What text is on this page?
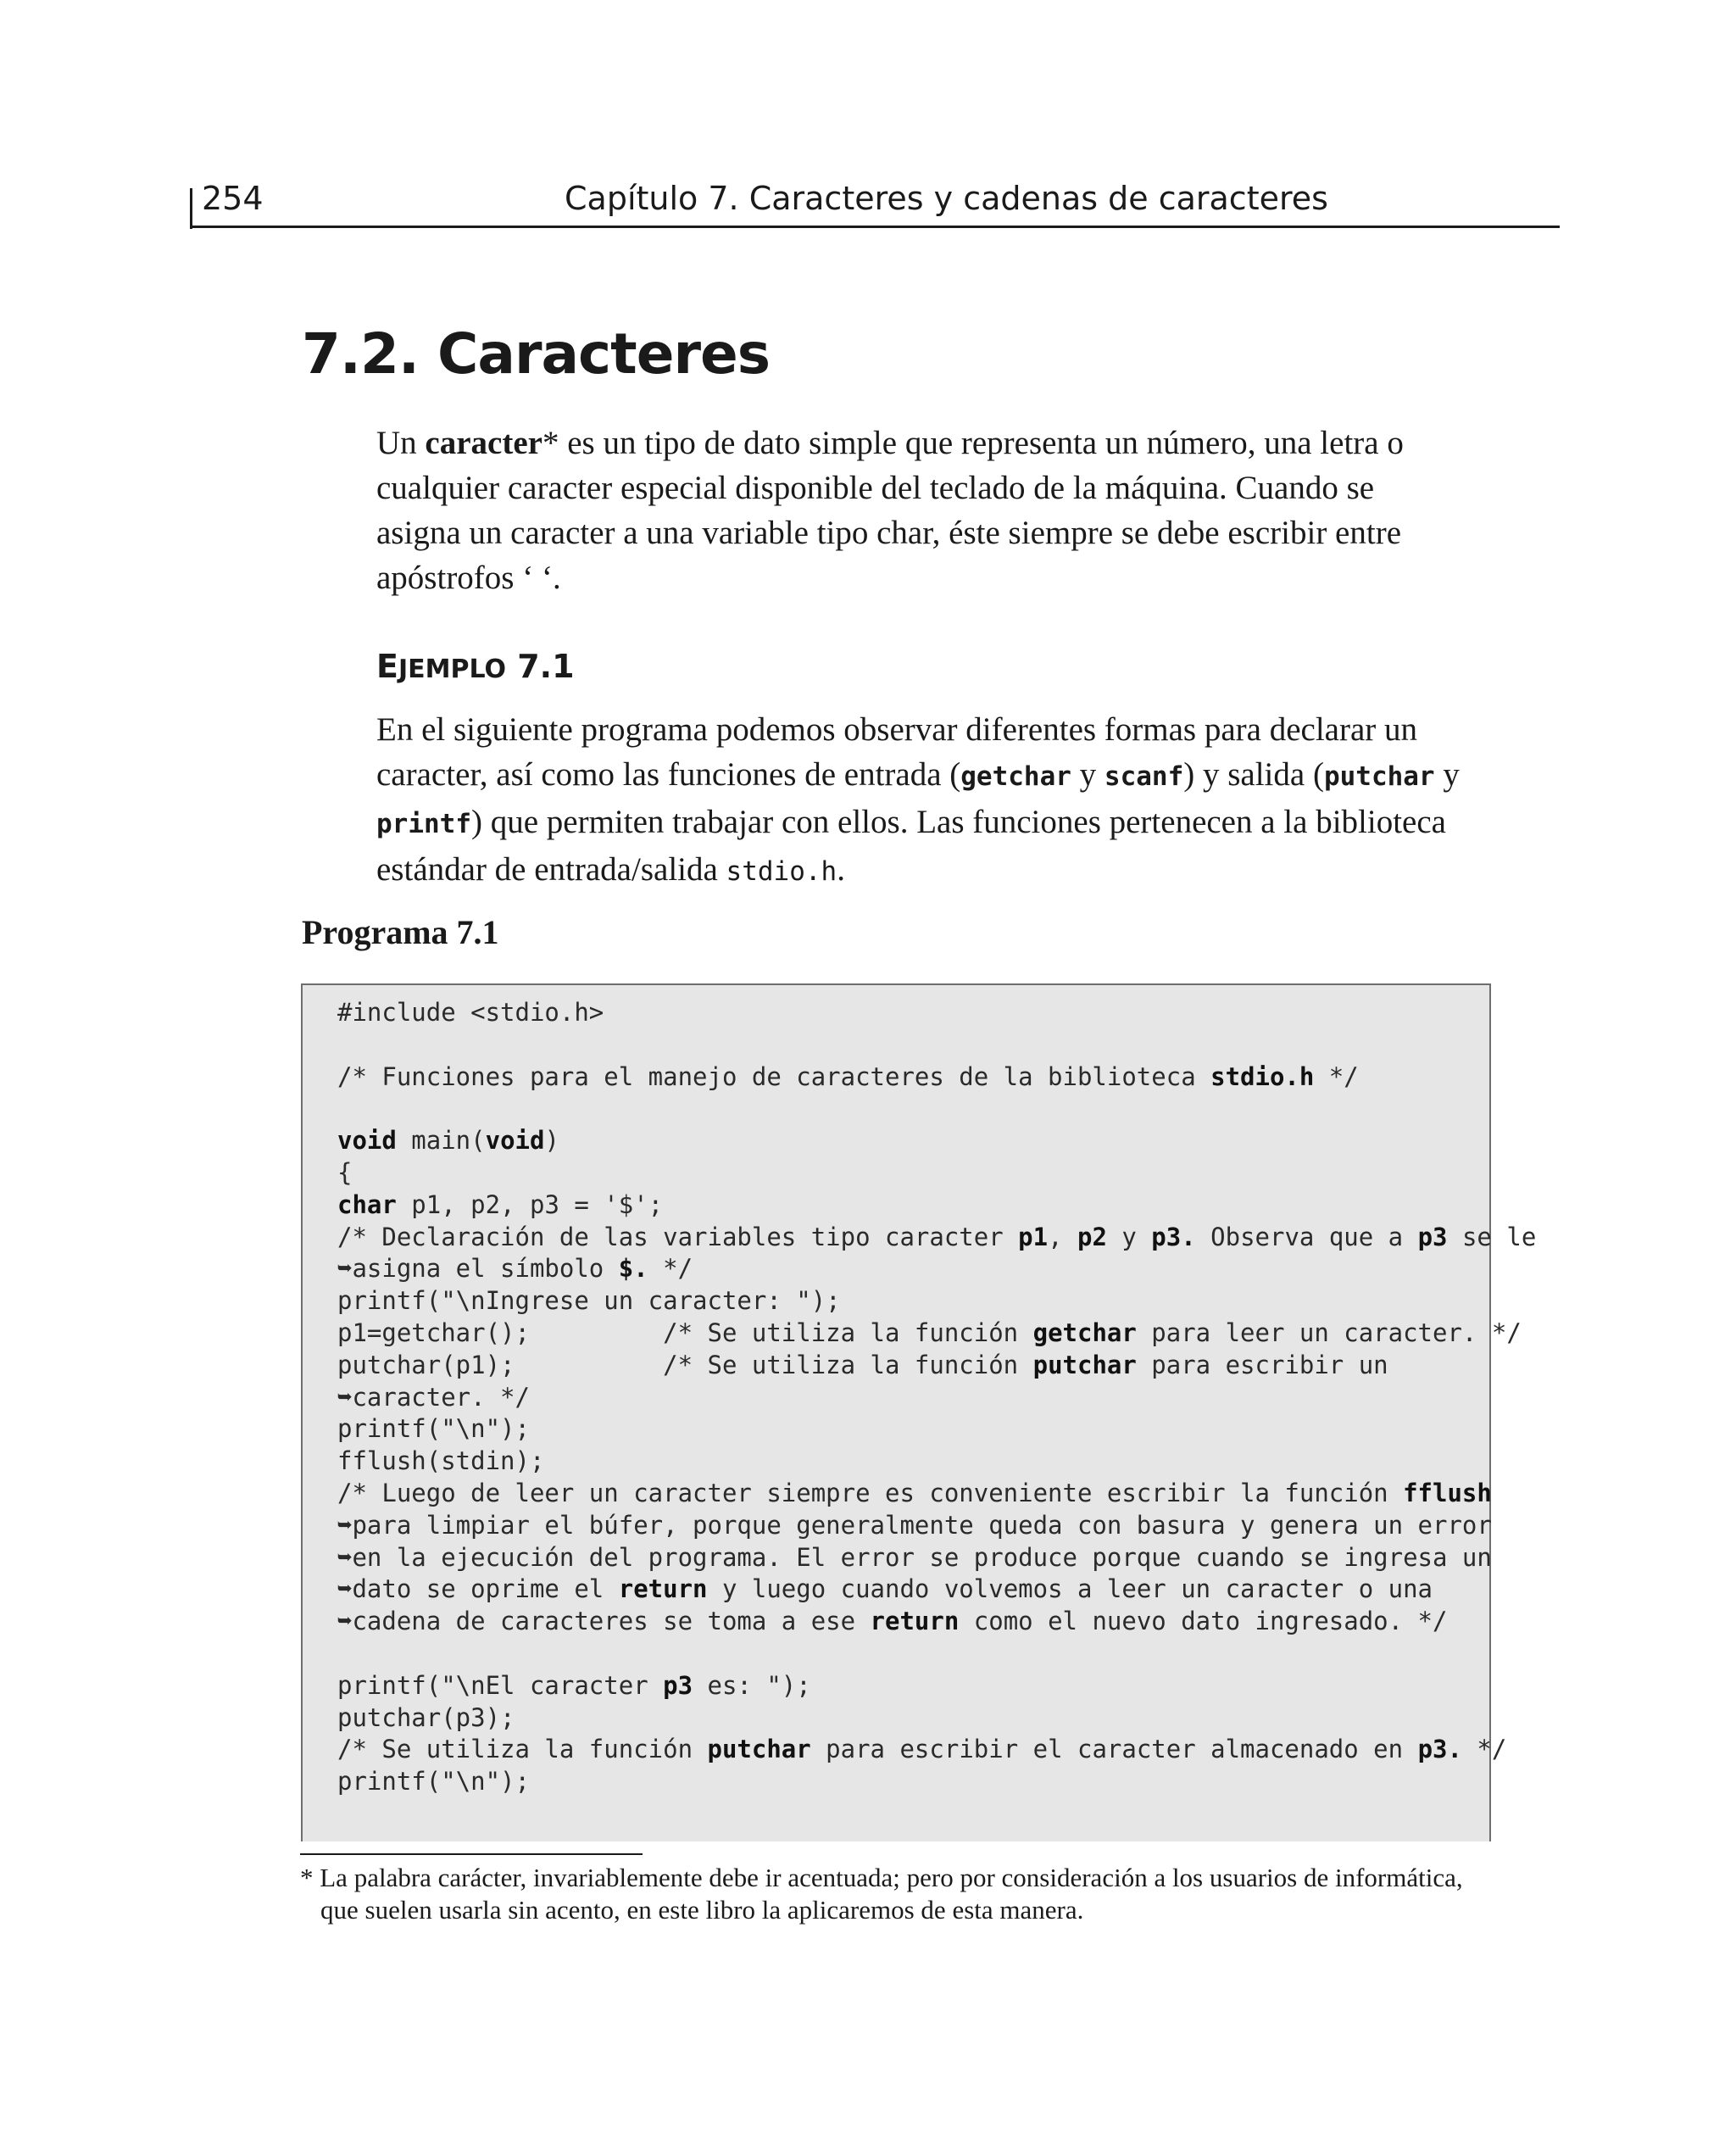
254	Capítulo 7. Caracteres y cadenas de caracteres
7.2. Caracteres
Un caracter* es un tipo de dato simple que representa un número, una letra o
cualquier caracter especial disponible del teclado de la máquina. Cuando se
asigna un caracter a una variable tipo char, éste siempre se debe escribir entre
apóstrofos ‘ ‘.
EJEMPLO 7.1
En el siguiente programa podemos observar diferentes formas para declarar un
caracter, así como las funciones de entrada (getchar y scanf) y salida (putchar y
printf) que permiten trabajar con ellos. Las funciones pertenecen a la biblioteca
estándar de entrada/salida stdio.h.
Programa 7.1
#include <stdio.h>

/* Funciones para el manejo de caracteres de la biblioteca stdio.h */

void main(void)
{
char p1, p2, p3 = '$';
/* Declaración de las variables tipo caracter p1, p2 y p3. Observa que a p3 se le
➥asigna el símbolo $. */
printf("\nIngrese un caracter: ");
p1=getchar();         /* Se utiliza la función getchar para leer un caracter. */
putchar(p1);          /* Se utiliza la función putchar para escribir un
➥caracter. */
printf("\n");
fflush(stdin);
/* Luego de leer un caracter siempre es conveniente escribir la función fflush
➥para limpiar el búfer, porque generalmente queda con basura y genera un error
➥en la ejecución del programa. El error se produce porque cuando se ingresa un
➥dato se oprime el return y luego cuando volvemos a leer un caracter o una
➥cadena de caracteres se toma a ese return como el nuevo dato ingresado. */

printf("\nEl caracter p3 es: ");
putchar(p3);
/* Se utiliza la función putchar para escribir el caracter almacenado en p3. */
printf("\n");
* La palabra carácter, invariablemente debe ir acentuada; pero por consideración a los usuarios de informática,
que suelen usarla sin acento, en este libro la aplicaremos de esta manera.
